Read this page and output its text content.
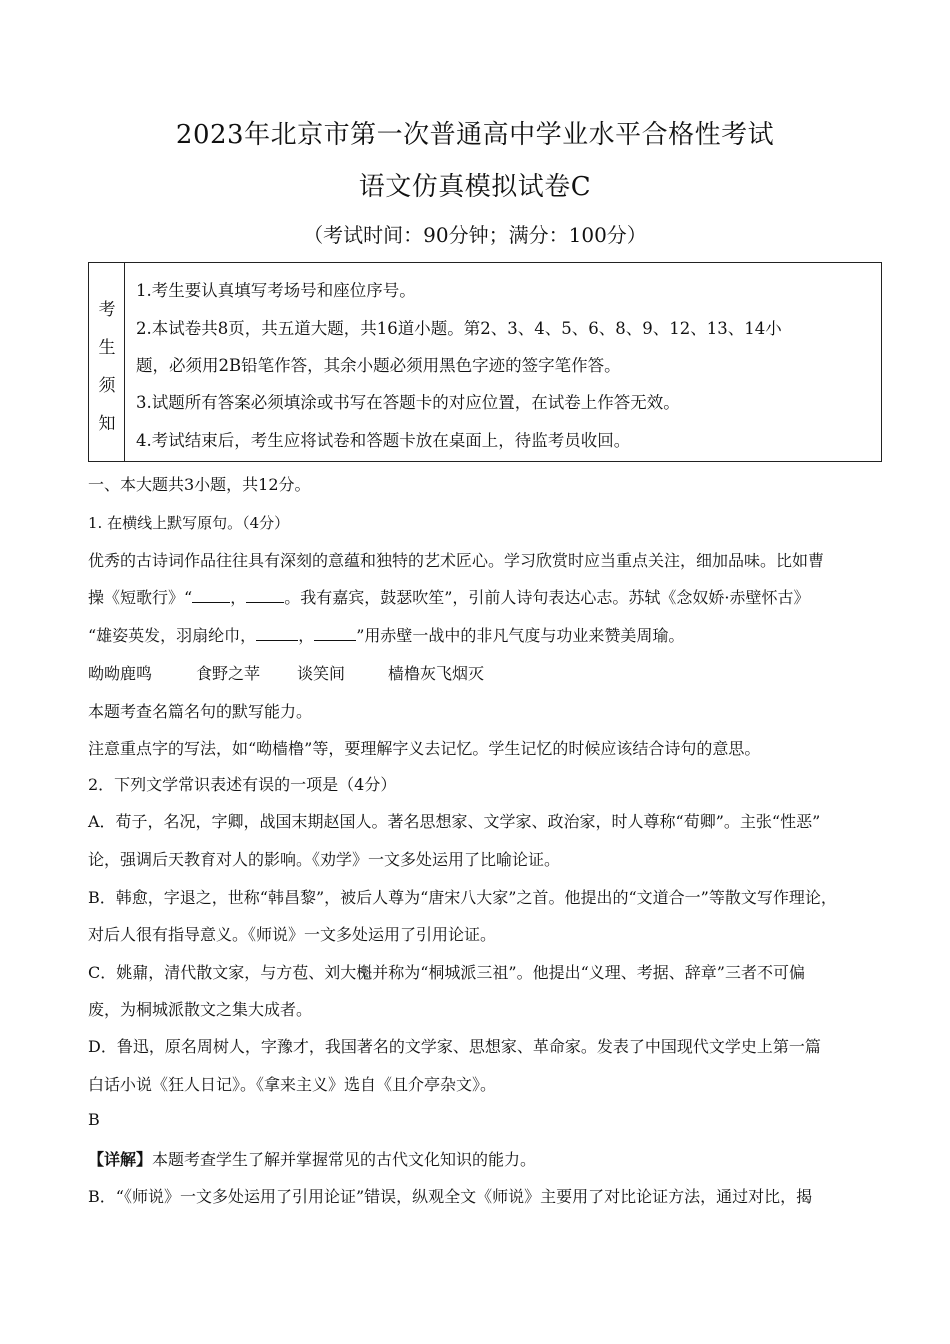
2023年北京市第一次普通高中学业水平合格性考试
语文仿真模拟试卷C
（考试时间：90分钟；满分：100分）
考
生
须
知
1.考生要认真填写考场号和座位序号。
2.本试卷共8页，共五道大题，共16道小题。第2、3、4、5、6、8、9、12、13、14小
题，必须用2B铅笔作答，其余小题必须用黑色字迹的签字笔作答。
3.试题所有答案必须填涂或书写在答题卡的对应位置，在试卷上作答无效。
4.考试结束后，考生应将试卷和答题卡放在桌面上，待监考员收回。
一、本大题共3小题，共12分。
1. 在横线上默写原句。（4分）
优秀的古诗词作品往往具有深刻的意蕴和独特的艺术匠心。学习欣赏时应当重点关注，细加品味。比如曹
操《短歌行》“ ， 。我有嘉宾，鼓瑟吹笙”，引前人诗句表达心志。苏轼《念奴娇·赤壁怀古》
“雄姿英发，羽扇纶巾，	，	”用赤壁一战中的非凡气度与功业来赞美周瑜。
呦呦鹿鸣	食野之苹 谈笑间	樯橹灰飞烟灭
本题考查名篇名句的默写能力。
注意重点字的写法，如“呦樯橹”等，要理解字义去记忆。学生记忆的时候应该结合诗句的意思。
2．下列文学常识表述有误的一项是（4分）
A．荀子，名况，字卿，战国末期赵国人。著名思想家、文学家、政治家，时人尊称“荀卿”。主张“性恶”
论，强调后天教育对人的影响。《劝学》一文多处运用了比喻论证。
B．韩愈，字退之，世称“韩昌黎”，被后人尊为“唐宋八大家”之首。他提出的“文道合一”等散文写作理论，
对后人很有指导意义。《师说》一文多处运用了引用论证。
C．姚鼐，清代散文家，与方苞、刘大櫆并称为“桐城派三祖”。他提出“义理、考据、辞章”三者不可偏
废，为桐城派散文之集大成者。
D．鲁迅，原名周树人，字豫才，我国著名的文学家、思想家、革命家。发表了中国现代文学史上第一篇
白话小说《狂人日记》。《拿来主义》选自《且介亭杂文》。
B
【详解】本题考查学生了解并掌握常见的古代文化知识的能力。
B．“《师说》一文多处运用了引用论证”错误，纵观全文《师说》主要用了对比论证方法，通过对比，揭
